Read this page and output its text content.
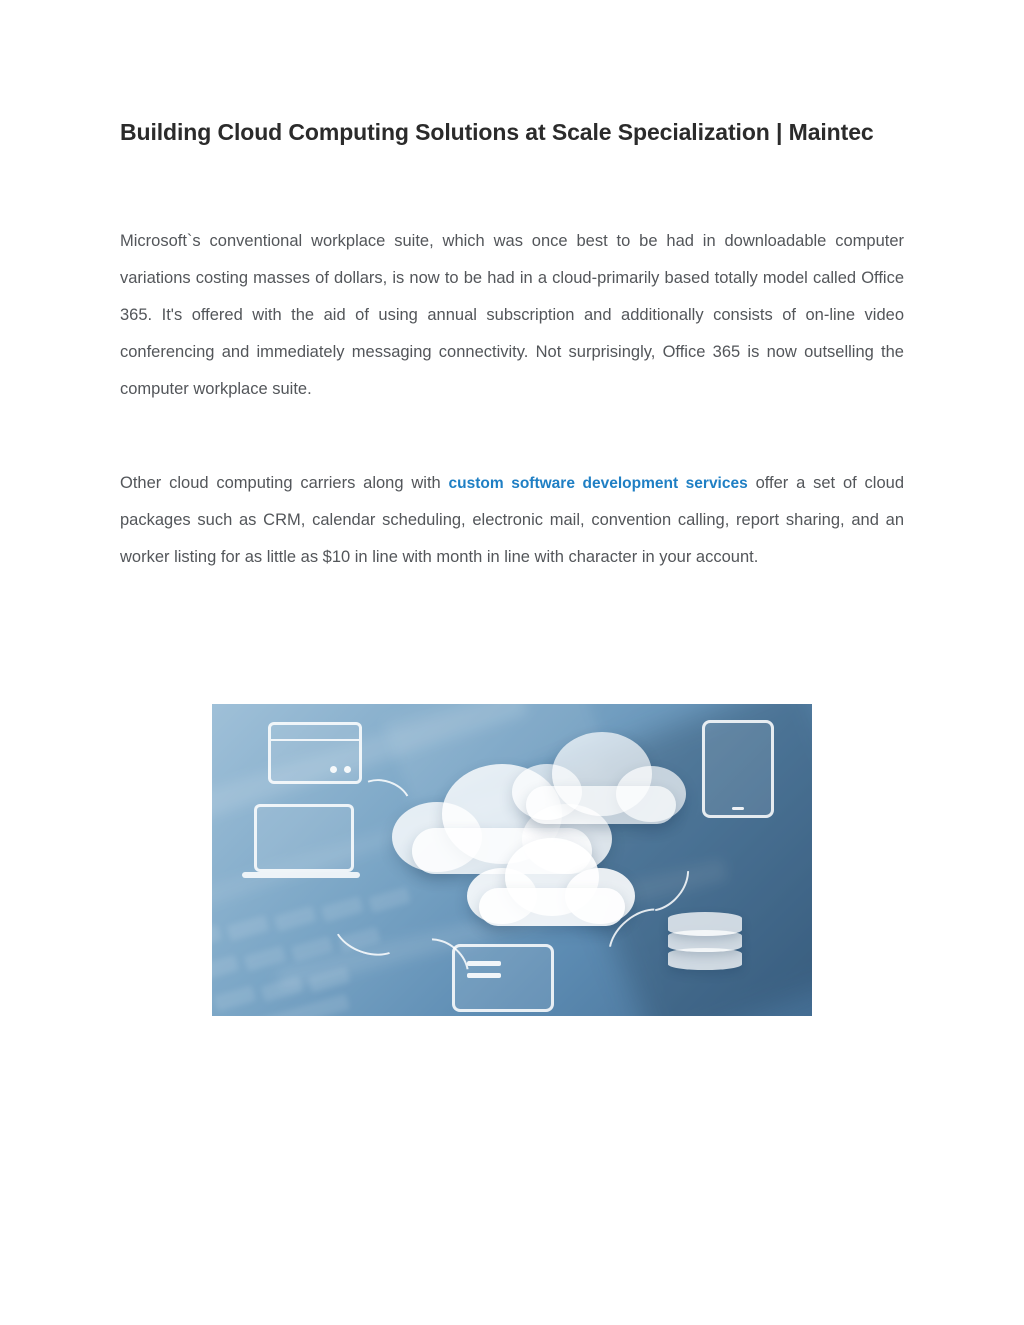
Building Cloud Computing Solutions at Scale Specialization | Maintec

Microsoft`s conventional workplace suite, which was once best to be had in downloadable computer variations costing masses of dollars, is now to be had in a cloud-primarily based totally model called Office 365. It's offered with the aid of using annual subscription and additionally consists of on-line video conferencing and immediately messaging connectivity. Not surprisingly, Office 365 is now outselling the computer workplace suite.

Other cloud computing carriers along with custom software development services offer a set of cloud packages such as CRM, calendar scheduling, electronic mail, convention calling, report sharing, and an worker listing for as little as $10 in line with month in line with character in your account.
